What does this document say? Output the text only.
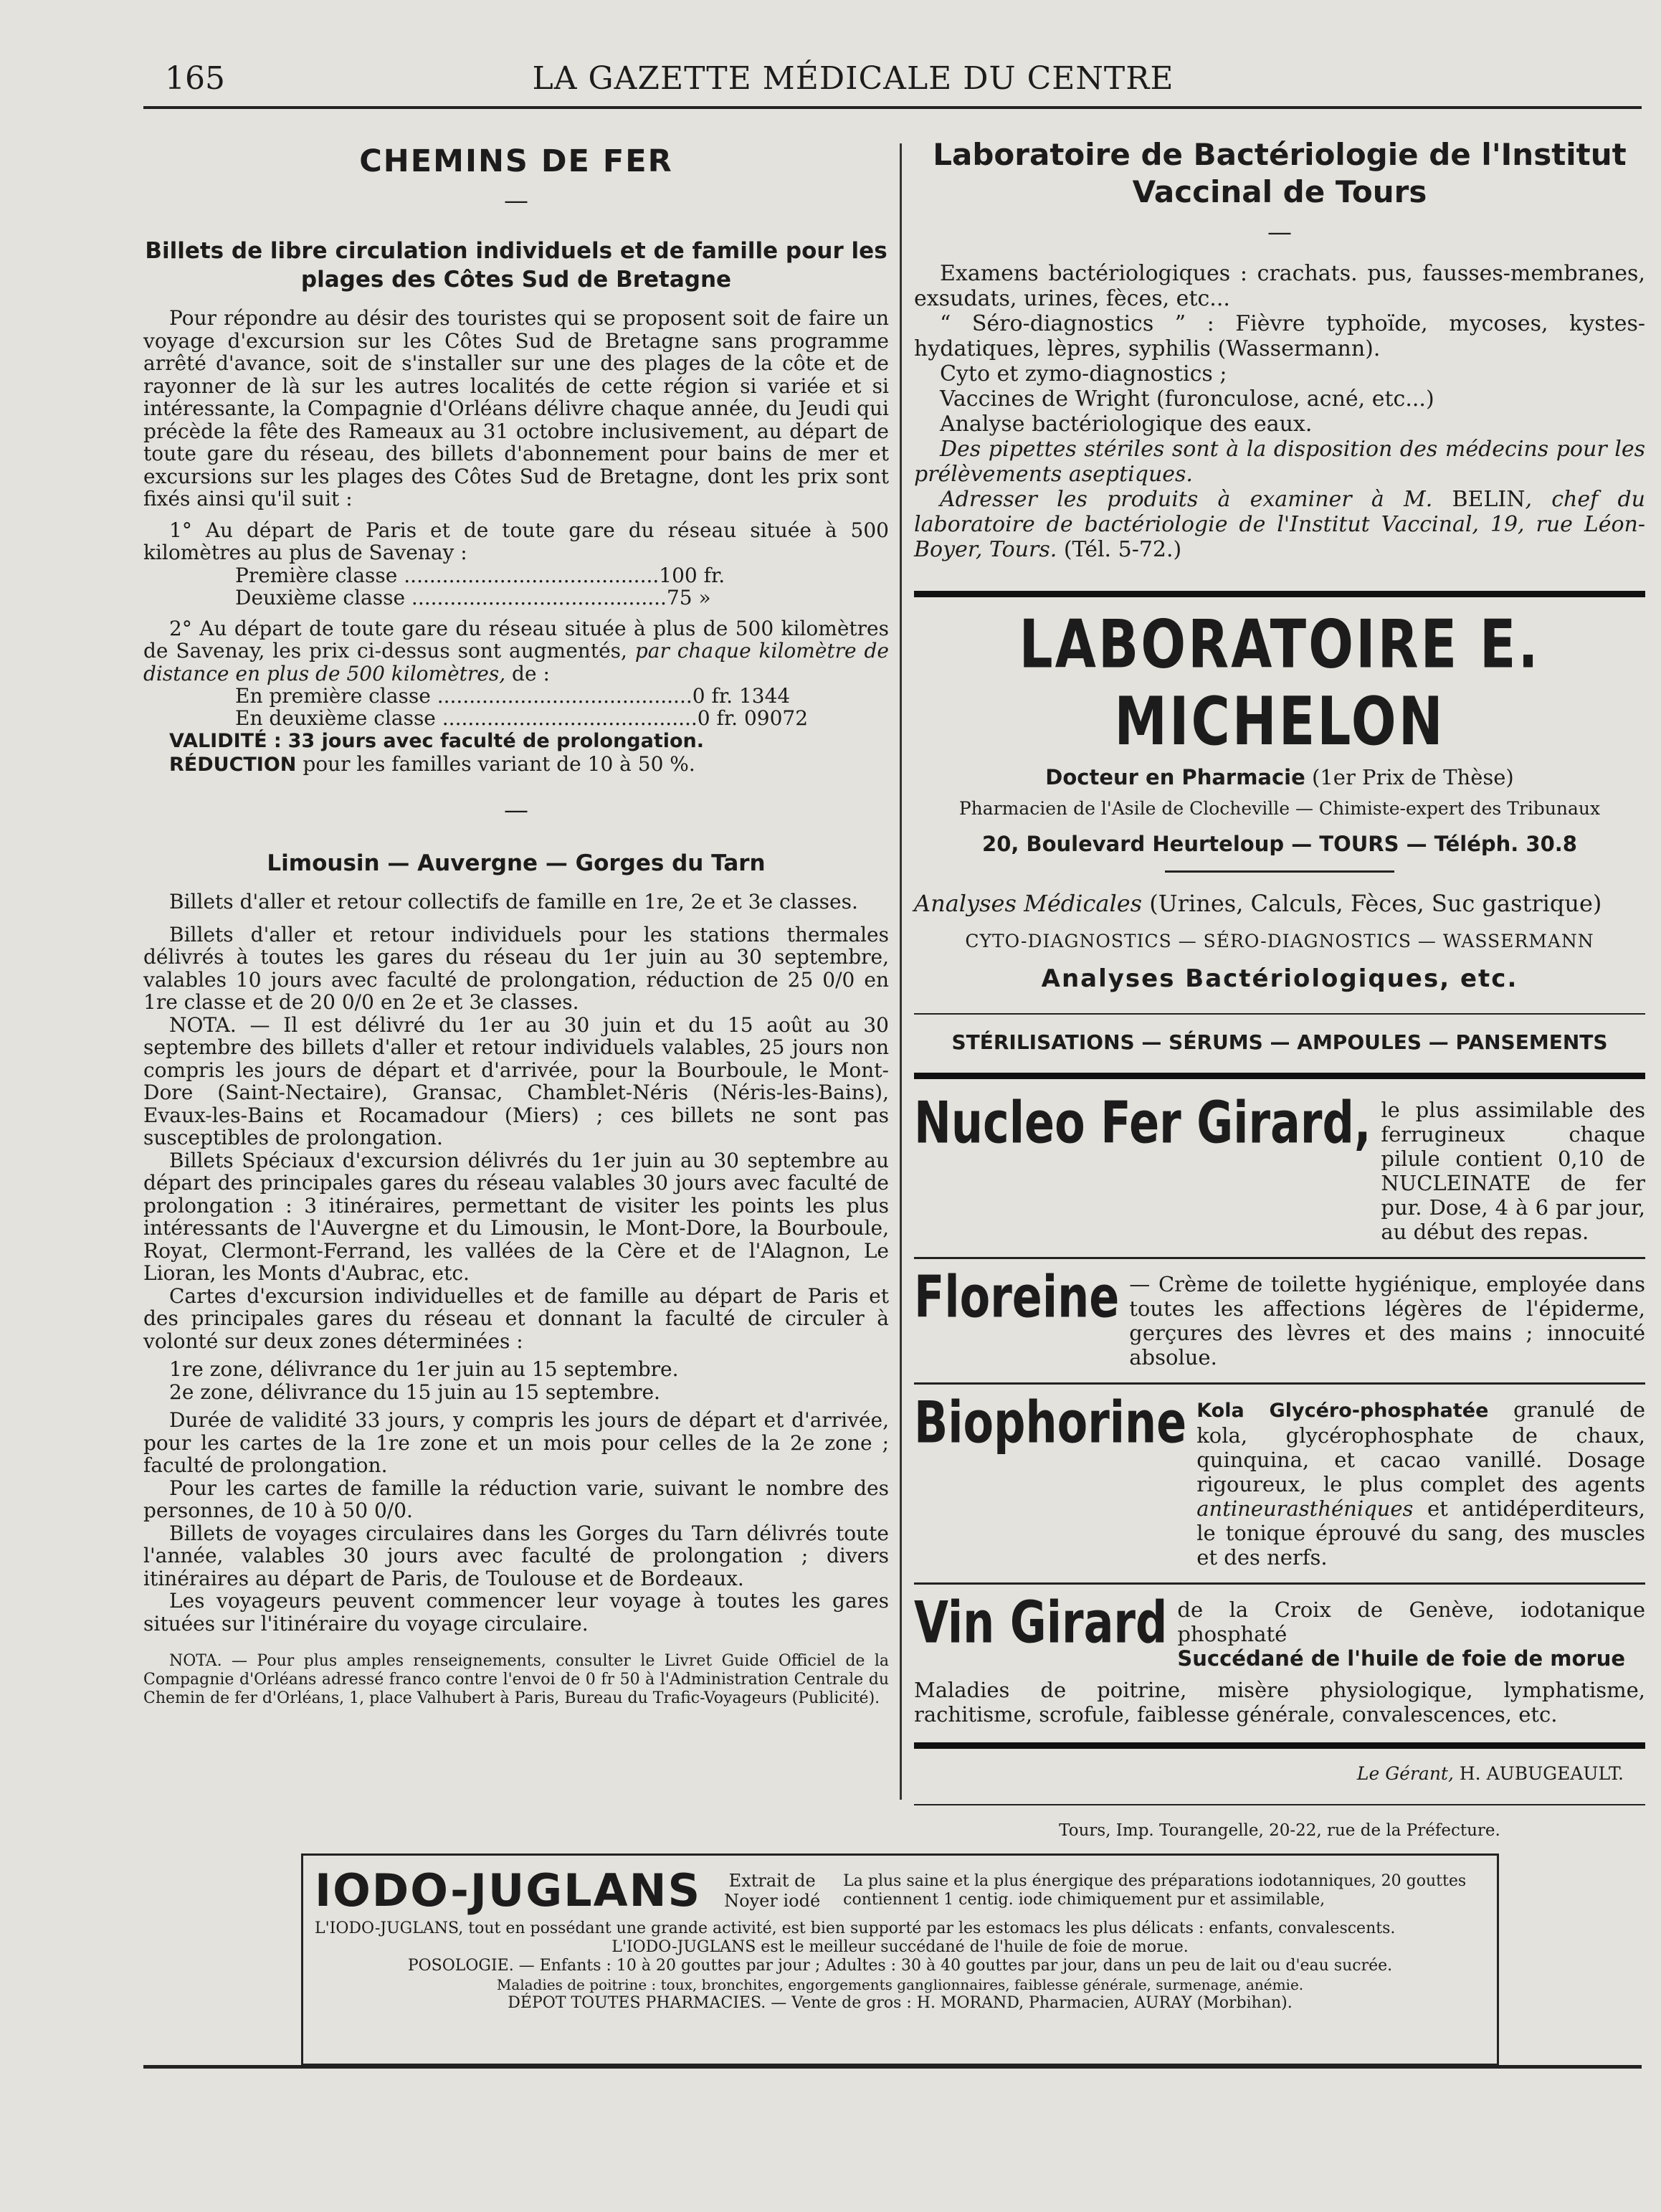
165	LA GAZETTE MÉDICALE DU CENTRE
CHEMINS DE FER
—

Billets de libre circulation individuels et de famille pour les plages des Côtes Sud de Bretagne

Pour répondre au désir des touristes qui se proposent soit de faire un voyage d'excursion sur les Côtes Sud de Bretagne sans programme arrêté d'avance, soit de s'installer sur une des plages de la côte et de rayonner de là sur les autres localités de cette région si variée et si intéressante, la Compagnie d'Orléans délivre chaque année, du Jeudi qui précède la fête des Rameaux au 31 octobre inclusivement, au départ de toute gare du réseau, des billets d'abonnement pour bains de mer et excursions sur les plages des Côtes Sud de Bretagne, dont les prix sont fixés ainsi qu'il suit :

1° Au départ de Paris et de toute gare du réseau située à 500 kilomètres au plus de Savenay :

Première classe ........................................ 100 fr.
Deuxième classe ........................................ 75 »

2° Au départ de toute gare du réseau située à plus de 500 kilomètres de Savenay, les prix ci-dessus sont augmentés, par chaque kilomètre de distance en plus de 500 kilomètres, de :

En première classe ........................................ 0 fr. 1344
En deuxième classe ........................................ 0 fr. 09072

VALIDITÉ : 33 jours avec faculté de prolongation.

RÉDUCTION pour les familles variant de 10 à 50 %.

—

Limousin — Auvergne — Gorges du Tarn

Billets d'aller et retour collectifs de famille en 1re, 2e et 3e classes.

Billets d'aller et retour individuels pour les stations thermales délivrés à toutes les gares du réseau du 1er juin au 30 septembre, valables 10 jours avec faculté de prolongation, réduction de 25 0/0 en 1re classe et de 20 0/0 en 2e et 3e classes.

NOTA. — Il est délivré du 1er au 30 juin et du 15 août au 30 septembre des billets d'aller et retour individuels valables, 25 jours non compris les jours de départ et d'arrivée, pour la Bourboule, le Mont-Dore (Saint-Nectaire), Gransac, Chamblet-Néris (Néris-les-Bains), Evaux-les-Bains et Rocamadour (Miers) ; ces billets ne sont pas susceptibles de prolongation.

Billets Spéciaux d'excursion délivrés du 1er juin au 30 septembre au départ des principales gares du réseau valables 30 jours avec faculté de prolongation : 3 itinéraires, permettant de visiter les points les plus intéressants de l'Auvergne et du Limousin, le Mont-Dore, la Bourboule, Royat, Clermont-Ferrand, les vallées de la Cère et de l'Alagnon, Le Lioran, les Monts d'Aubrac, etc.

Cartes d'excursion individuelles et de famille au départ de Paris et des principales gares du réseau et donnant la faculté de circuler à volonté sur deux zones déterminées :

1re zone, délivrance du 1er juin au 15 septembre.

2e zone, délivrance du 15 juin au 15 septembre.

Durée de validité 33 jours, y compris les jours de départ et d'arrivée, pour les cartes de la 1re zone et un mois pour celles de la 2e zone ; faculté de prolongation.

Pour les cartes de famille la réduction varie, suivant le nombre des personnes, de 10 à 50 0/0.

Billets de voyages circulaires dans les Gorges du Tarn délivrés toute l'année, valables 30 jours avec faculté de prolongation ; divers itinéraires au départ de Paris, de Toulouse et de Bordeaux.

Les voyageurs peuvent commencer leur voyage à toutes les gares situées sur l'itinéraire du voyage circulaire.

NOTA. — Pour plus amples renseignements, consulter le Livret Guide Officiel de la Compagnie d'Orléans adressé franco contre l'envoi de 0 fr 50 à l'Administration Centrale du Chemin de fer d'Orléans, 1, place Valhubert à Paris, Bureau du Trafic-Voyageurs (Publicité).

Laboratoire de Bactériologie de l'Institut Vaccinal de Tours

—

Examens bactériologiques : crachats. pus, fausses-membranes, exsudats, urines, fèces, etc...

“ Séro-diagnostics ” : Fièvre typhoïde, mycoses, kystes-hydatiques, lèpres, syphilis (Wassermann).

Cyto et zymo-diagnostics ;

Vaccines de Wright (furonculose, acné, etc...)

Analyse bactériologique des eaux.

Des pipettes stériles sont à la disposition des médecins pour les prélèvements aseptiques.

Adresser les produits à examiner à M. BELIN, chef du laboratoire de bactériologie de l'Institut Vaccinal, 19, rue Léon-Boyer, Tours. (Tél. 5-72.)

LABORATOIRE E. MICHELON
Docteur en Pharmacie (1er Prix de Thèse)
Pharmacien de l'Asile de Clocheville — Chimiste-expert des Tribunaux
20, Boulevard Heurteloup — TOURS — Téléph. 30.8
Analyses Médicales (Urines, Calculs, Fèces, Suc gastrique)
CYTO-DIAGNOSTICS — SÉRO-DIAGNOSTICS — WASSERMANN
Analyses Bactériologiques, etc.
STÉRILISATIONS — SÉRUMS — AMPOULES — PANSEMENTS
Nucleo Fer Girard, le plus assimilable des ferrugineux chaque pilule contient 0,10 de NUCLEINATE de fer pur. Dose, 4 à 6 par jour, au début des repas.
Floreine — Crème de toilette hygiénique, employée dans toutes les affections légères de l'épiderme, gerçures des lèvres et des mains ; innocuité absolue.
Biophorine Kola Glycéro-phosphatée granulé de kola, glycérophosphate de chaux, quinquina, et cacao vanillé. Dosage rigoureux, le plus complet des agents antineurasthéniques et antidéperditeurs, le tonique éprouvé du sang, des muscles et des nerfs.
Vin Girard de la Croix de Genève, iodotanique phosphaté
Succédané de l'huile de foie de morue

Maladies de poitrine, misère physiologique, lymphatisme, rachitisme, scrofule, faiblesse générale, convalescences, etc.

Le Gérant, H. AUBUGEAULT.
Tours, Imp. Tourangelle, 20-22, rue de la Préfecture.
IODO-JUGLANS	Extrait de Noyer iodé
La plus saine et la plus énergique des préparations iodotanniques, 20 gouttes contiennent 1 centig. iode chimiquement pur et assimilable,
L'IODO-JUGLANS, tout en possédant une grande activité, est bien supporté par les estomacs les plus délicats : enfants, convalescents.
L'IODO-JUGLANS est le meilleur succédané de l'huile de foie de morue.
POSOLOGIE. — Enfants : 10 à 20 gouttes par jour ; Adultes : 30 à 40 gouttes par jour, dans un peu de lait ou d'eau sucrée.
Maladies de poitrine : toux, bronchites, engorgements ganglionnaires, faiblesse générale, surmenage, anémie.
DÉPOT TOUTES PHARMACIES. — Vente de gros : H. MORAND, Pharmacien, AURAY (Morbihan).
